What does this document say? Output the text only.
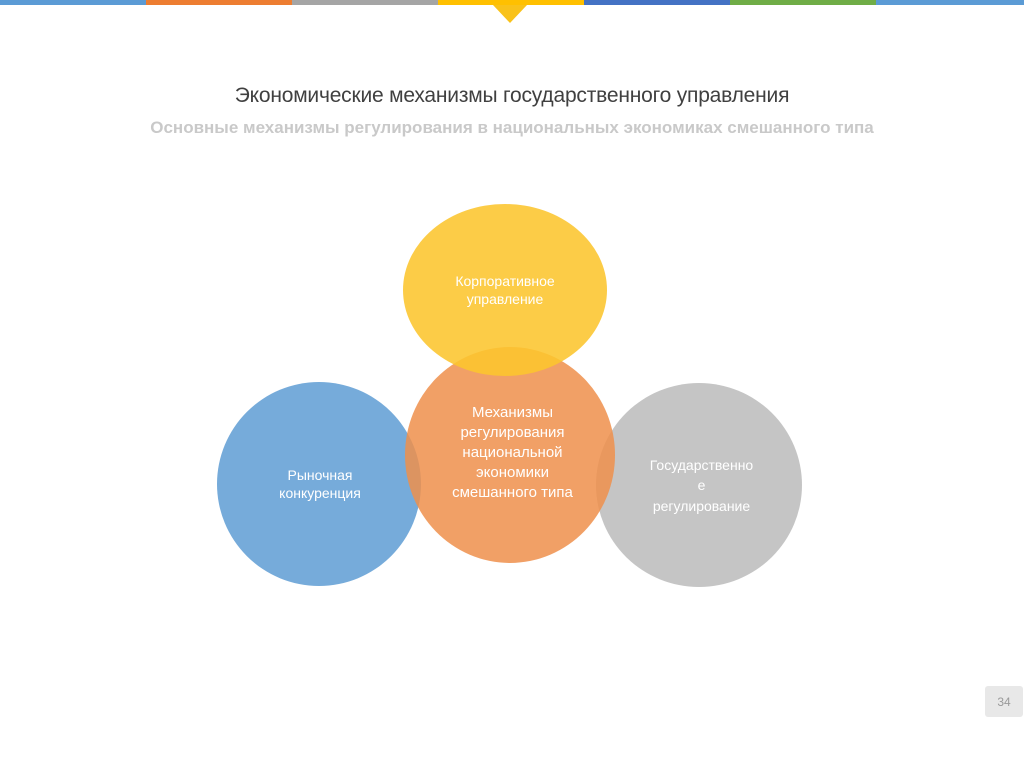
Экономические механизмы государственного управления
Основные механизмы регулирования в национальных экономиках смешанного типа
Корпоративное
управление
Механизмы
регулирования
национальной
экономики
смешанного типа
Рыночная
конкуренция
Государственно
е
регулирование
34
